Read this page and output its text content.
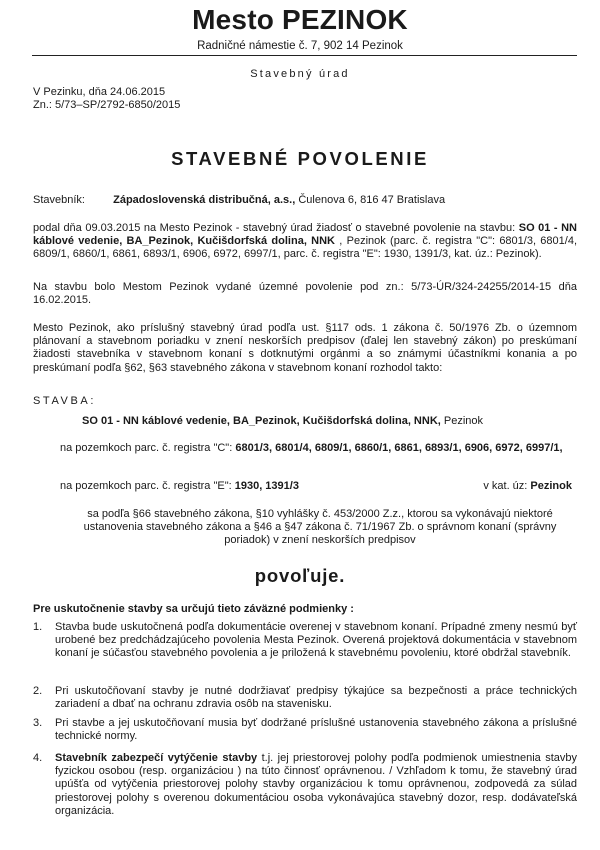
Mesto PEZINOK
Radničné námestie č. 7, 902 14 Pezinok
Stavebný úrad
V Pezinku, dňa 24.06.2015
Zn.: 5/73–SP/2792-6850/2015
STAVEBNÉ POVOLENIE
Stavebník:	Západoslovenská distribučná, a.s., Čulenova 6, 816 47 Bratislava
podal dňa 09.03.2015 na Mesto Pezinok - stavebný úrad žiadosť o stavebné povolenie na stavbu: SO 01 - NN káblové vedenie, BA_Pezinok, Kučišdorfská dolina, NNK , Pezinok (parc. č. registra "C": 6801/3, 6801/4, 6809/1, 6860/1, 6861, 6893/1, 6906, 6972, 6997/1, parc. č. registra "E": 1930, 1391/3, kat. úz.: Pezinok).
Na stavbu bolo Mestom Pezinok vydané územné povolenie pod zn.: 5/73-ÚR/324-24255/2014-15 dňa 16.02.2015.
Mesto Pezinok, ako príslušný stavebný úrad podľa ust. §117 ods. 1 zákona č. 50/1976 Zb. o územnom plánovaní a stavebnom poriadku v znení neskorších predpisov (ďalej len stavebný zákon) po preskúmaní žiadosti stavebníka v stavebnom konaní s dotknutými orgánmi a so známymi účastníkmi konania a po preskúmaní podľa §62, §63 stavebného zákona v stavebnom konaní rozhodol takto:
STAVBA:
SO 01 - NN káblové vedenie, BA_Pezinok, Kučišdorfská dolina, NNK, Pezinok
na pozemkoch parc. č. registra "C": 6801/3, 6801/4, 6809/1, 6860/1, 6861, 6893/1, 6906, 6972, 6997/1,
na pozemkoch parc. č. registra "E": 1930, 1391/3	v kat. úz: Pezinok
sa podľa §66 stavebného zákona, §10 vyhlášky č. 453/2000 Z.z., ktorou sa vykonávajú niektoré ustanovenia stavebného zákona a §46 a §47 zákona č. 71/1967 Zb. o správnom konaní (správny poriadok) v znení neskorších predpisov
povoľuje.
Pre uskutočnenie stavby sa určujú tieto záväzné podmienky :
1. Stavba bude uskutočnená podľa dokumentácie overenej v stavebnom konaní. Prípadné zmeny nesmú byť urobené bez predchádzajúceho povolenia Mesta Pezinok. Overená projektová dokumentácia v stavebnom konaní je súčasťou stavebného povolenia a je priložená k stavebnému povoleniu, ktoré obdržal stavebník.
2. Pri uskutočňovaní stavby je nutné dodržiavať predpisy týkajúce sa bezpečnosti a práce technických zariadení a dbať na ochranu zdravia osôb na stavenisku.
3. Pri stavbe a jej uskutočňovaní musia byť dodržané príslušné ustanovenia stavebného zákona a príslušné technické normy.
4. Stavebník zabezpečí vytýčenie stavby t.j. jej priestorovej polohy podľa podmienok umiestnenia stavby fyzickou osobou (resp. organizáciou ) na túto činnosť oprávnenou. / Vzhľadom k tomu, že stavebný úrad upúšťa od vytýčenia priestorovej polohy stavby organizáciou k tomu oprávnenou, zodpovedá za súlad priestorovej polohy s overenou dokumentáciou osoba vykonávajúca stavebný dozor, resp. dodávateľská organizácia.
